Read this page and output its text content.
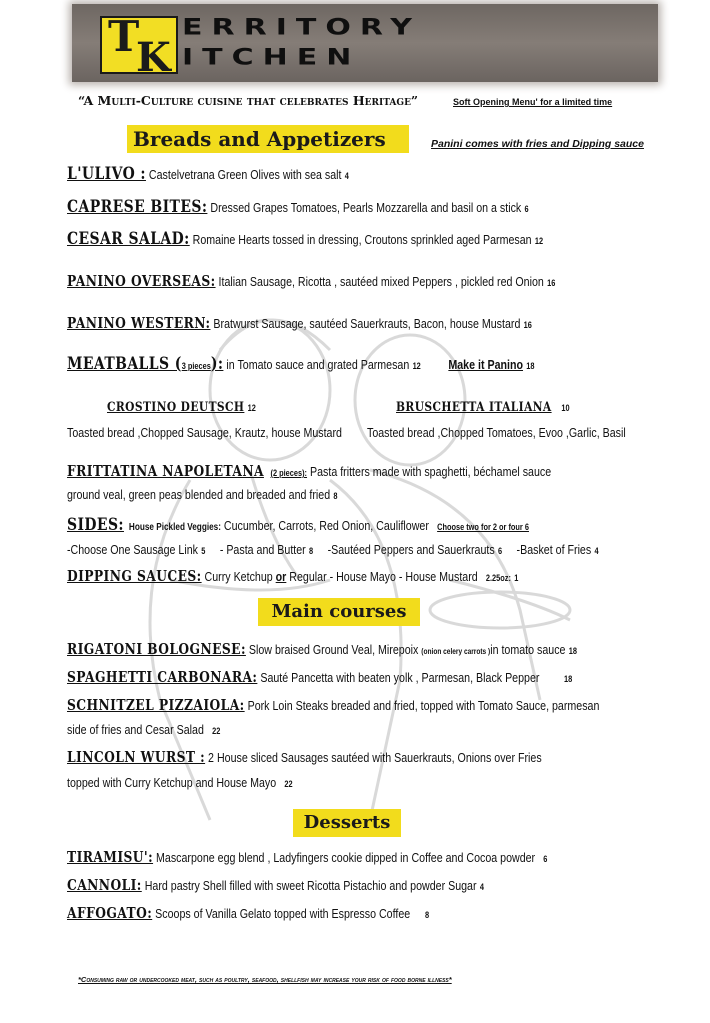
T
K
ERRITORY
ITCHEN
“A Multi-Culture cuisine that celebrates Heritage”	Soft Opening Menu' for a limited time
Breads and Appetizers	Panini comes with fries and Dipping sauce
L'ULIVO : Castelvetrana Green Olives with sea salt 4
CAPRESE BITES: Dressed Grapes Tomatoes, Pearls Mozzarella and basil on a stick 6
CESAR SALAD: Romaine Hearts tossed in dressing, Croutons sprinkled aged Parmesan 12
PANINO OVERSEAS: Italian Sausage, Ricotta , sautéed mixed Peppers , pickled red Onion 16
PANINO WESTERN: Bratwurst Sausage, sautéed Sauerkrauts, Bacon, house Mustard 16
MEATBALLS (3 pieces): in Tomato sauce and grated Parmesan 12 Make it Panino 18
CROSTINO DEUTSCH 12	BRUSCHETTA ITALIANA 10
Toasted bread ,Chopped Sausage, Krautz, house Mustard Toasted bread ,Chopped Tomatoes, Evoo ,Garlic, Basil
FRITTATINA NAPOLETANA (2 pieces): Pasta fritters made with spaghetti, béchamel sauce
ground veal, green peas blended and breaded and fried 8
SIDES: House Pickled Veggies: Cucumber, Carrots, Red Onion, Cauliflower Choose two for 2 or four 6
-Choose One Sausage Link 5 - Pasta and Butter 8 -Sautéed Peppers and Sauerkrauts 6 -Basket of Fries 4
DIPPING SAUCES: Curry Ketchup or Regular - House Mayo - House Mustard 2.25oz: 1
Main courses
RIGATONI BOLOGNESE: Slow braised Ground Veal, Mirepoix (onion celery carrots )in tomato sauce 18
SPAGHETTI CARBONARA: Sauté Pancetta with beaten yolk , Parmesan, Black Pepper	18
SCHNITZEL PIZZAIOLA: Pork Loin Steaks breaded and fried, topped with Tomato Sauce, parmesan
side of fries and Cesar Salad 22
LINCOLN WURST : 2 House sliced Sausages sautéed with Sauerkrauts, Onions over Fries
topped with Curry Ketchup and House Mayo 22
Desserts
TIRAMISU': Mascarpone egg blend , Ladyfingers cookie dipped in Coffee and Cocoa powder 6
CANNOLI: Hard pastry Shell filled with sweet Ricotta Pistachio and powder Sugar 4
AFFOGATO: Scoops of Vanilla Gelato topped with Espresso Coffee 8
*Consuming raw or undercooked meat, such as poultry, seafood, shellfish may increase your risk of food borne illness*
